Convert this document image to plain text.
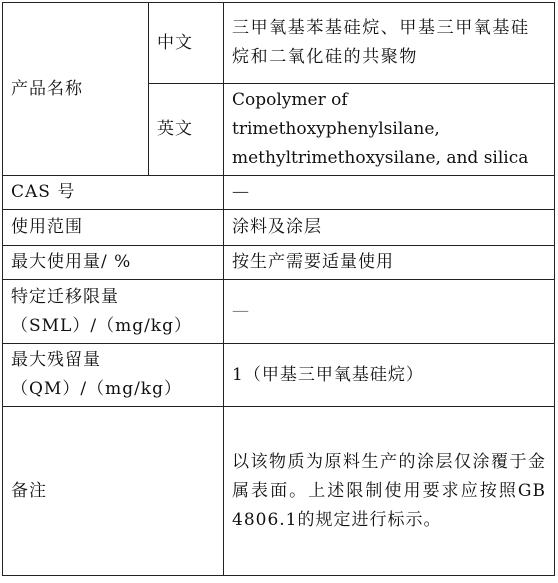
产品名称	中文	三甲氧基苯基硅烷、甲基三甲氧基硅烷和二氧化硅的共聚物
	英文	Copolymer of
trimethoxyphenylsilane,
methyltrimethoxysilane, and silica

CAS 号		—
使用范围		涂料及涂层
最大使用量/ %		按生产需要适量使用

特定迁移限量
（SML）/（mg/kg）		—

最大残留量
（QM）/（mg/kg）		1（甲基三甲氧基硅烷）
备注		以该物质为原料生产的涂层仅涂覆于金属表面。上述限制使用要求应按照GB 4806.1的规定进行标示。
